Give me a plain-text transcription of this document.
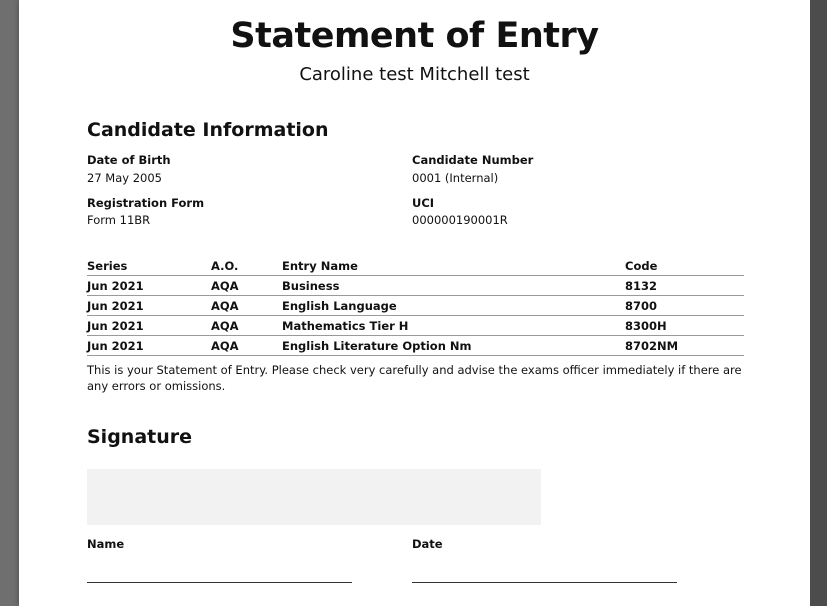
Statement of Entry
Caroline test Mitchell test
Candidate Information
Date of Birth
27 May 2005
Candidate Number
0001 (Internal)
Registration Form
Form 11BR
UCI
000000190001R
Series	A.O.	Entry Name	Code
Jun 2021	AQA	Business	8132
Jun 2021	AQA	English Language	8700
Jun 2021	AQA	Mathematics Tier H	8300H
Jun 2021	AQA	English Literature Option Nm	8702NM
This is your Statement of Entry. Please check very carefully and advise the exams officer immediately if there are any errors or omissions.
Signature
Name	Date
